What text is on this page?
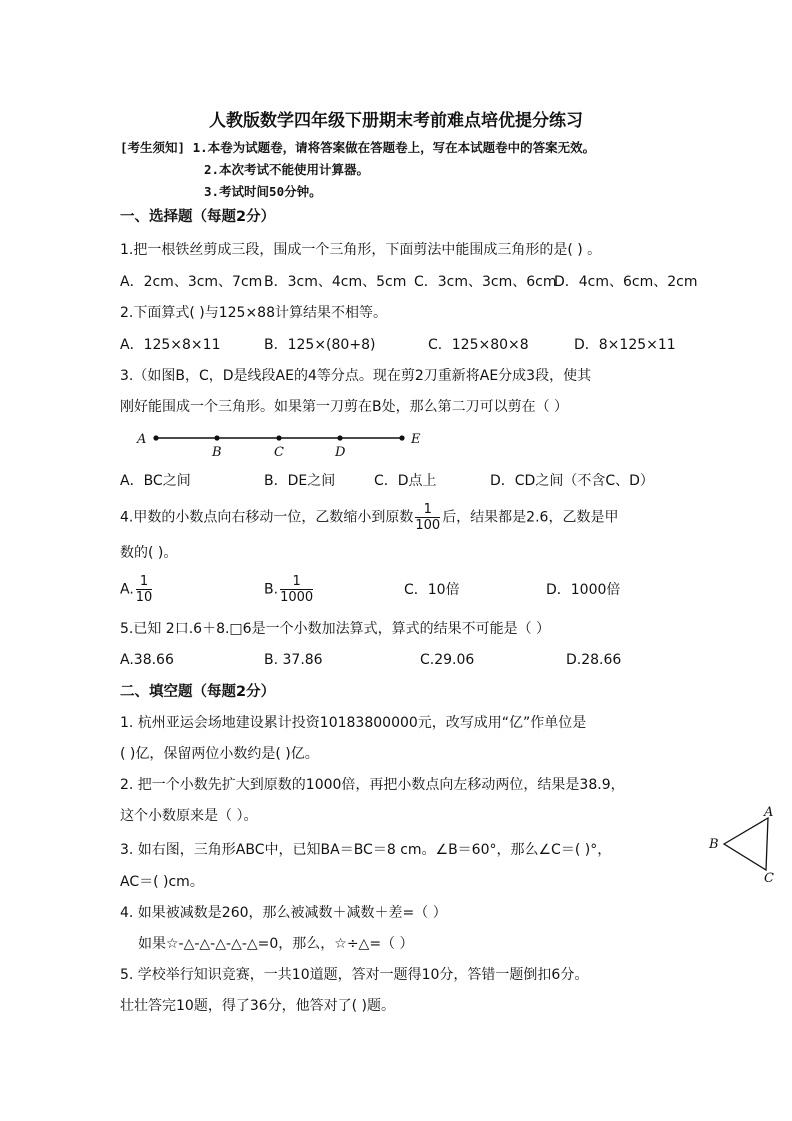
人教版数学四年级下册期末考前难点培优提分练习
[考生须知] 1.本卷为试题卷，请将答案做在答题卷上，写在本试题卷中的答案无效。
2.本次考试不能使用计算器。
3.考试时间50分钟。
一、选择题（每题2分）
1.把一根铁丝剪成三段，围成一个三角形，下面剪法中能围成三角形的是( ) 。
A．2cm、3cm、7cm B．3cm、4cm、5cm C．3cm、3cm、6cm
D．4cm、6cm、2cm
2.下面算式( )与125×88计算结果不相等。
A．125×8×11	B．125×(80+8)	C．125×80×8	D．8×125×11
3.（如图B，C，D是线段AE的4等分点。现在剪2刀重新将AE分成3段，使其
刚好能围成一个三角形。如果第一刀剪在B处，那么第二刀可以剪在（ ）
A
B	C	D
E
A．BC之间	B．DE之间	C．D点上	D．CD之间（不含C、D）
4.甲数的小数点向右移动一位，乙数缩小到原数 $\frac{1}{100}$ 后，结果都是2.6，乙数是甲
数的( )。
A. $\frac{1}{10}$	B. $\frac{1}{1000}$	C．10倍	D．1000倍
5.已知 2口.6＋8.□6是一个小数加法算式，算式的结果不可能是（ ）
A.38.66	B. 37.86	C.29.06	D.28.66
二、填空题（每题2分）
1. 杭州亚运会场地建设累计投资10183800000元，改写成用“亿”作单位是
( )亿，保留两位小数约是( )亿。
2. 把一个小数先扩大到原数的1000倍，再把小数点向左移动两位，结果是38.9，
这个小数原来是（ ）。
3. 如右图，三角形ABC中，已知BA＝BC＝8 cm。∠B＝60°，那么∠C＝( )°，
AC＝( )cm。
A
B
C
4. 如果被减数是260，那么被减数＋减数＋差=（ ）
如果☆-△-△-△-△-△=0，那么，☆÷△=（ ）
5. 学校举行知识竞赛，一共10道题，答对一题得10分，答错一题倒扣6分。
壮壮答完10题，得了36分，他答对了( )题。
